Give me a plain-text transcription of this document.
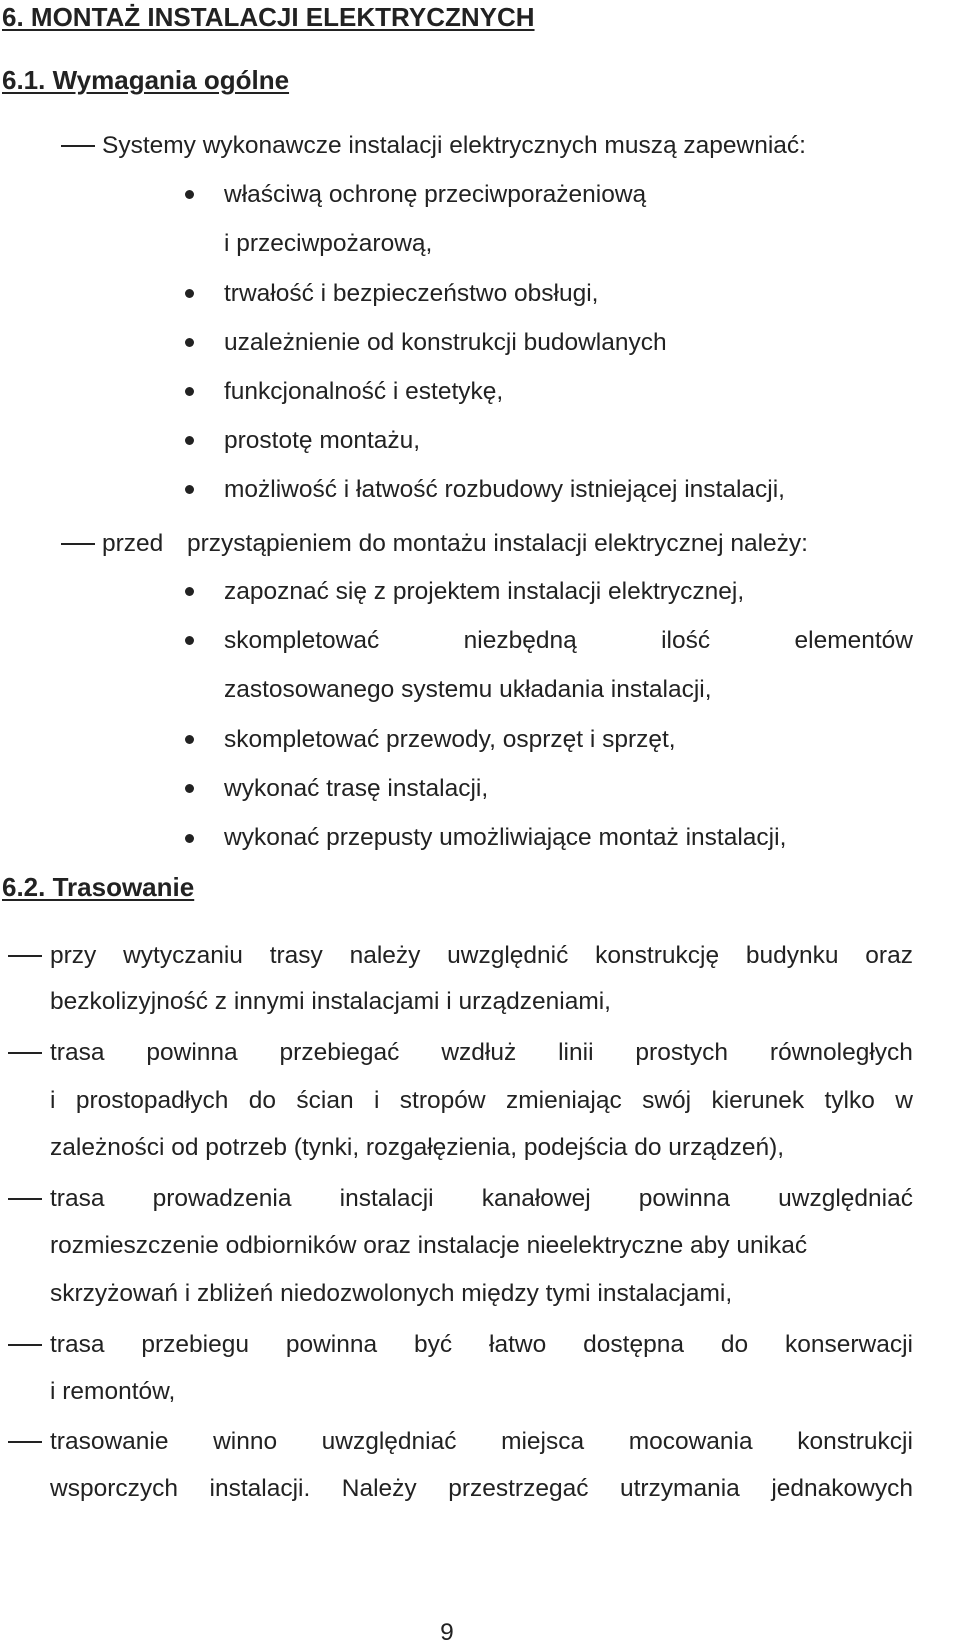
6. MONTAŻ INSTALACJI ELEKTRYCZNYCH
6.1. Wymagania ogólne
Systemy wykonawcze instalacji elektrycznych muszą zapewniać:
właściwą ochronę przeciwporażeniową
i przeciwpożarową,
trwałość i bezpieczeństwo obsługi,
uzależnienie od konstrukcji budowlanych
funkcjonalność i estetykę,
prostotę montażu,
możliwość i łatwość rozbudowy istniejącej instalacji,
przed przystąpieniem do montażu instalacji elektrycznej należy:
zapoznać się z projektem instalacji elektrycznej,
skompletować	niezbędną	ilość	elementów
zastosowanego systemu układania instalacji,
skompletować przewody, osprzęt i sprzęt,
wykonać trasę instalacji,
wykonać przepusty umożliwiające montaż instalacji,
6.2. Trasowanie
przy wytyczaniu trasy należy uwzględnić konstrukcję budynku oraz
bezkolizyjność z innymi instalacjami i urządzeniami,
trasa powinna przebiegać wzdłuż linii prostych równoległych
i prostopadłych do ścian i stropów zmieniając swój kierunek tylko w
zależności od potrzeb (tynki, rozgałęzienia, podejścia do urządzeń),
trasa prowadzenia instalacji kanałowej powinna uwzględniać
rozmieszczenie odbiorników oraz instalacje nieelektryczne aby unikać
skrzyżowań i zbliżeń niedozwolonych między tymi instalacjami,
trasa przebiegu powinna być łatwo dostępna do konserwacji
i remontów,
trasowanie winno uwzględniać miejsca mocowania konstrukcji
wsporczych instalacji. Należy przestrzegać utrzymania jednakowych
9
